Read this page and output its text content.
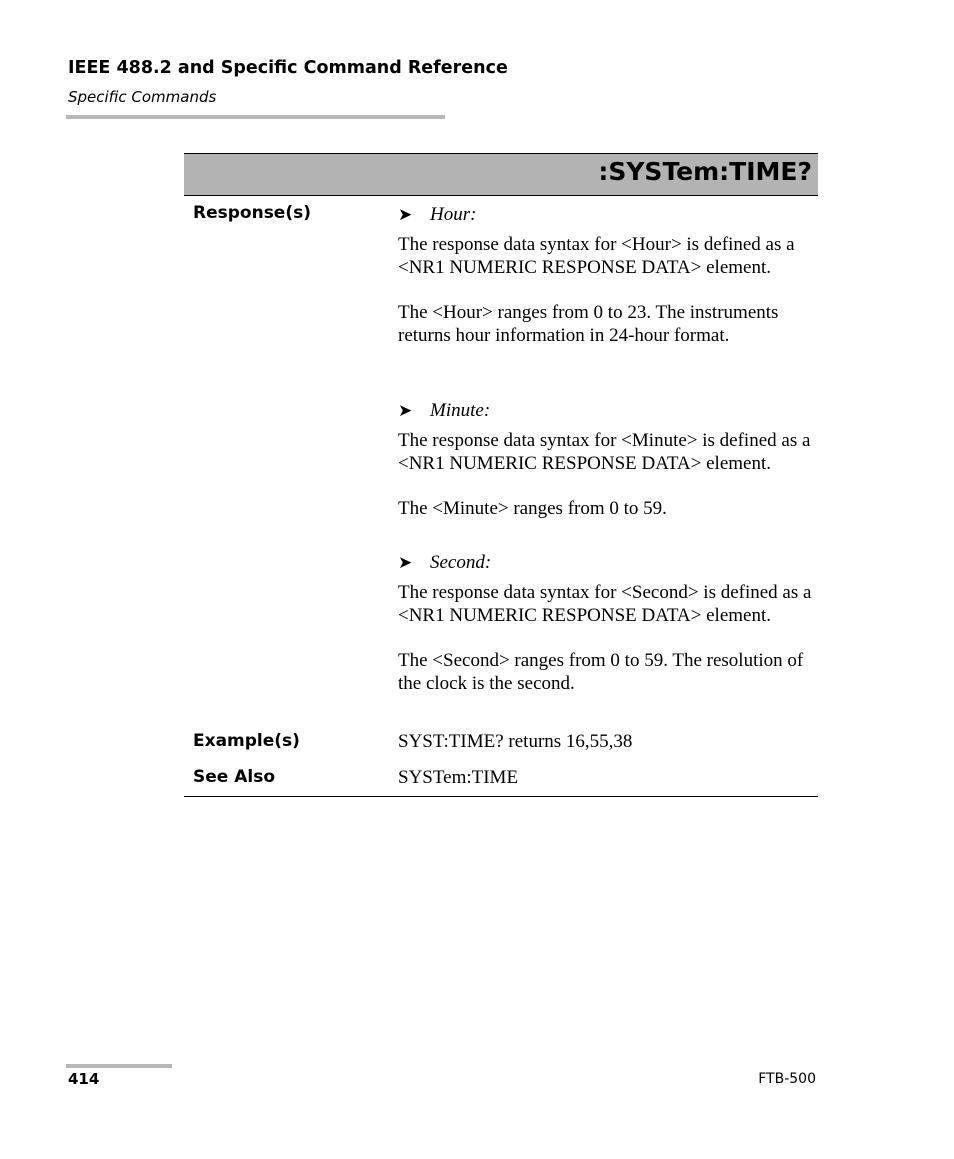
IEEE 488.2 and Specific Command Reference
Specific Commands
:SYSTem:TIME?
Response(s)	➤ Hour:

The response data syntax for <Hour> is defined as a <NR1 NUMERIC RESPONSE DATA> element.

The <Hour> ranges from 0 to 23. The instruments returns hour information in 24-hour format.

➤ Minute:

The response data syntax for <Minute> is defined as a <NR1 NUMERIC RESPONSE DATA> element.

The <Minute> ranges from 0 to 59.

➤ Second:

The response data syntax for <Second> is defined as a <NR1 NUMERIC RESPONSE DATA> element.

The <Second> ranges from 0 to 59. The resolution of the clock is the second.

Example(s)	SYST:TIME? returns 16,55,38
See Also	SYSTem:TIME
414	FTB-500
